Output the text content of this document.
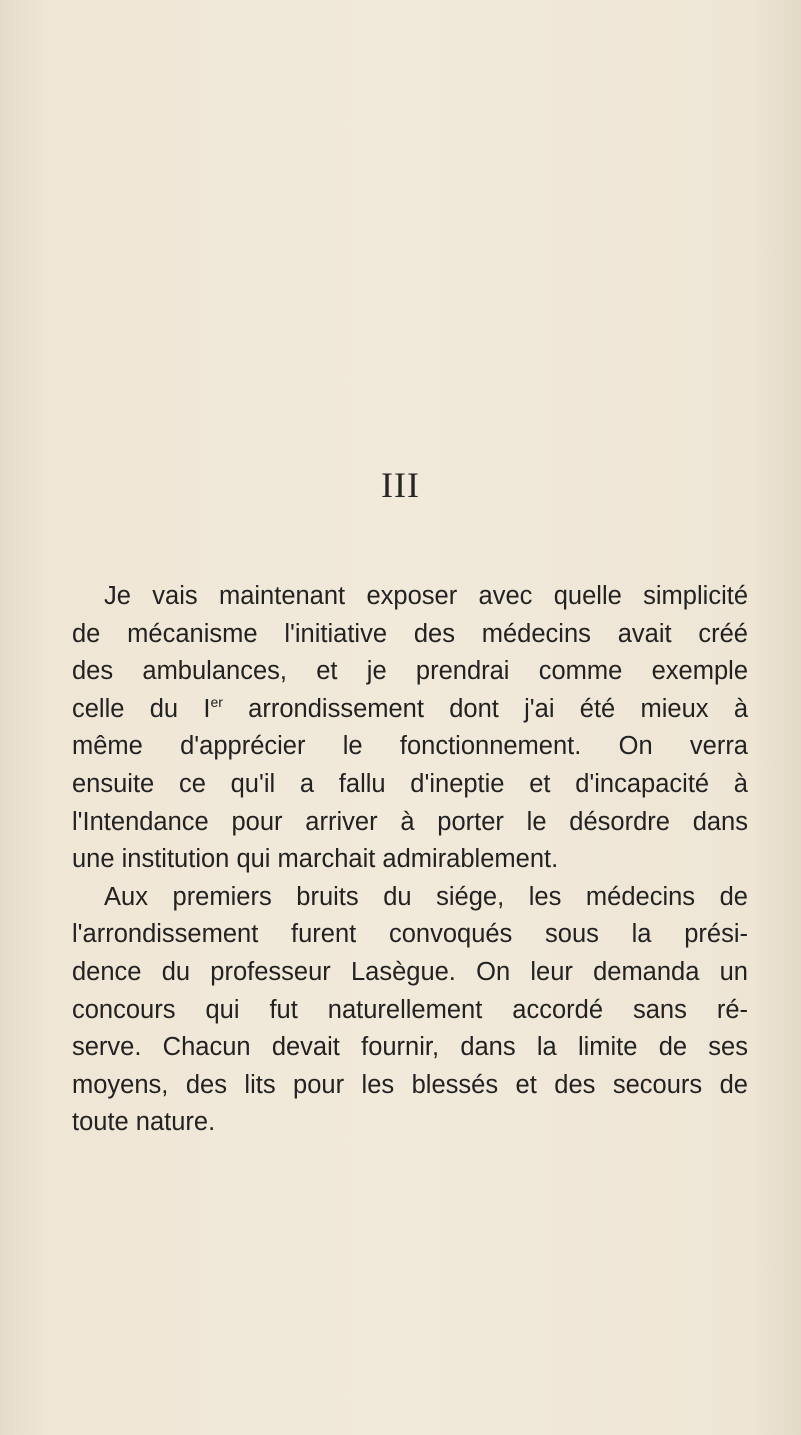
III
Je vais maintenant exposer avec quelle simplicité
de mécanisme l'initiative des médecins avait créé
des ambulances, et je prendrai comme exemple
celle du Ier arrondissement dont j'ai été mieux à
même d'apprécier le fonctionnement. On verra
ensuite ce qu'il a fallu d'ineptie et d'incapacité à
l'Intendance pour arriver à porter le désordre dans
une institution qui marchait admirablement.
Aux premiers bruits du siége, les médecins de
l'arrondissement furent convoqués sous la prési-
dence du professeur Lasègue. On leur demanda un
concours qui fut naturellement accordé sans ré-
serve. Chacun devait fournir, dans la limite de ses
moyens, des lits pour les blessés et des secours de
toute nature.
